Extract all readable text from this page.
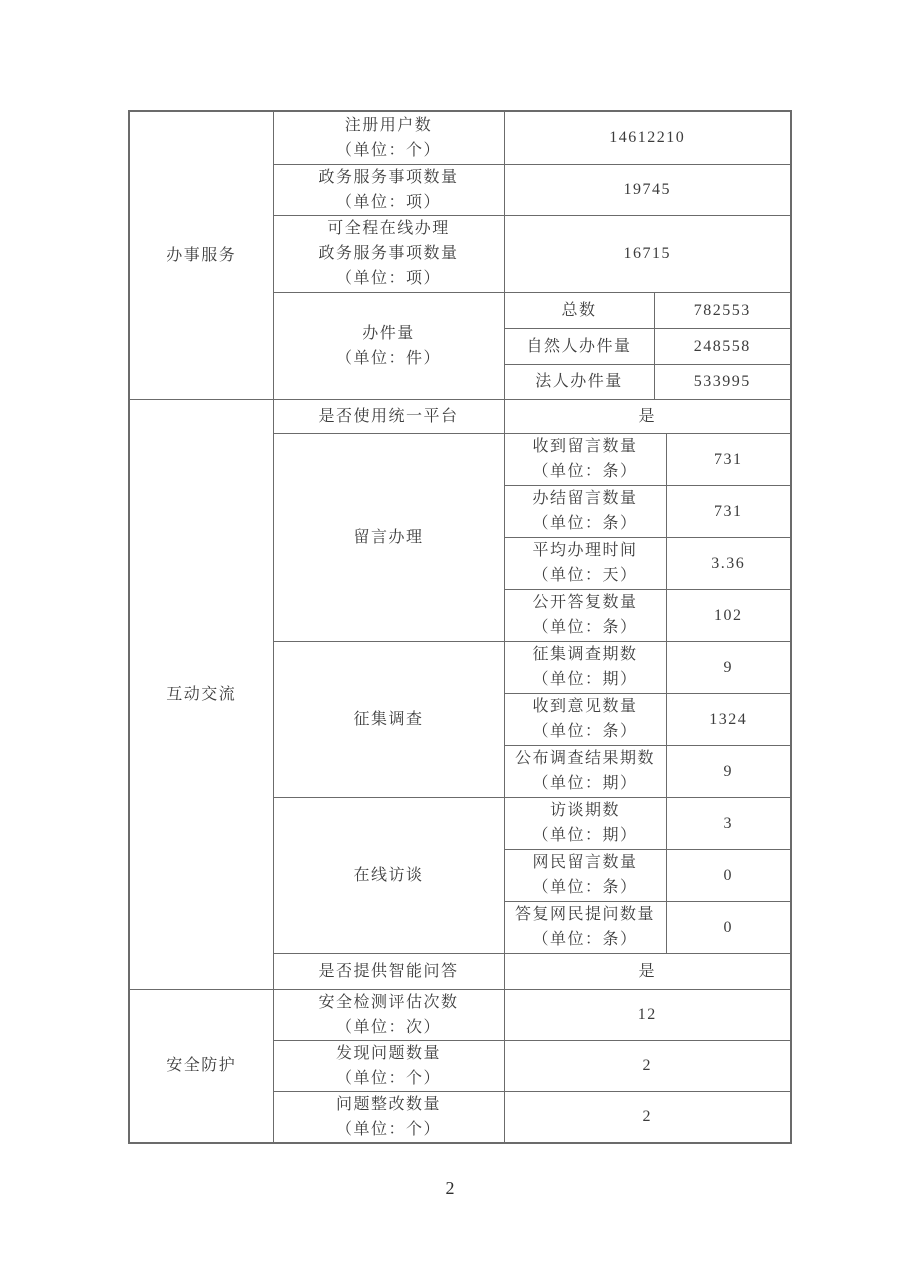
办事服务	注册用户数
（单位：个）	14612210		

	政务服务事项数量
（单位：项）	19745		

	可全程在线办理
政务服务事项数量
（单位：项）	16715		

	办件量
（单位：件）	总数	782553	
		自然人办件量	248558	
		法人办件量	533995	
互动交流	是否使用统一平台	是		
	留言办理	收到留言数量
（单位：条）		731

		办结留言数量
（单位：条）		731

		平均办理时间
（单位：天）		3.36

		公开答复数量
（单位：条）		102
	征集调查	征集调查期数
（单位：期）		9

		收到意见数量
（单位：条）		1324

		公布调查结果期数
（单位：期）		9
	在线访谈	访谈期数
（单位：期）		3

		网民留言数量
（单位：条）		0

		答复网民提问数量
（单位：条）		0
	是否提供智能问答	是		
安全防护	安全检测评估次数
（单位：次）	12		

	发现问题数量
（单位：个）	2		

	问题整改数量
（单位：个）	2		
2
